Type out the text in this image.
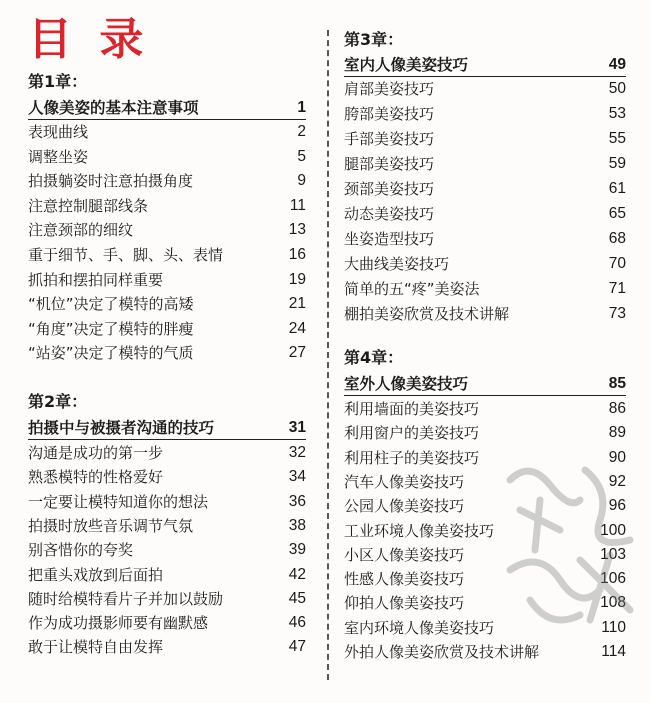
目 录
第1章：
人像美姿的基本注意事项	1
表现曲线	2
调整坐姿	5
拍摄躺姿时注意拍摄角度	9
注意控制腿部线条	11
注意颈部的细纹	13
重于细节、手、脚、头、表情	16
抓拍和摆拍同样重要	19
“机位”决定了模特的高矮	21
“角度”决定了模特的胖瘦	24
“站姿”决定了模特的气质	27
第2章：
拍摄中与被摄者沟通的技巧	31
沟通是成功的第一步	32
熟悉模特的性格爱好	34
一定要让模特知道你的想法	36
拍摄时放些音乐调节气氛	38
别吝惜你的夸奖	39
把重头戏放到后面拍	42
随时给模特看片子并加以鼓励	45
作为成功摄影师要有幽默感	46
敢于让模特自由发挥	47
第3章：
室内人像美姿技巧	49
肩部美姿技巧	50
胯部美姿技巧	53
手部美姿技巧	55
腿部美姿技巧	59
颈部美姿技巧	61
动态美姿技巧	65
坐姿造型技巧	68
大曲线美姿技巧	70
简单的五“疼”美姿法	71
棚拍美姿欣赏及技术讲解	73
第4章：
室外人像美姿技巧	85
利用墙面的美姿技巧	86
利用窗户的美姿技巧	89
利用柱子的美姿技巧	90
汽车人像美姿技巧	92
公园人像美姿技巧	96
工业环境人像美姿技巧	100
小区人像美姿技巧	103
性感人像美姿技巧	106
仰拍人像美姿技巧	108
室内环境人像美姿技巧	110
外拍人像美姿欣赏及技术讲解	114
